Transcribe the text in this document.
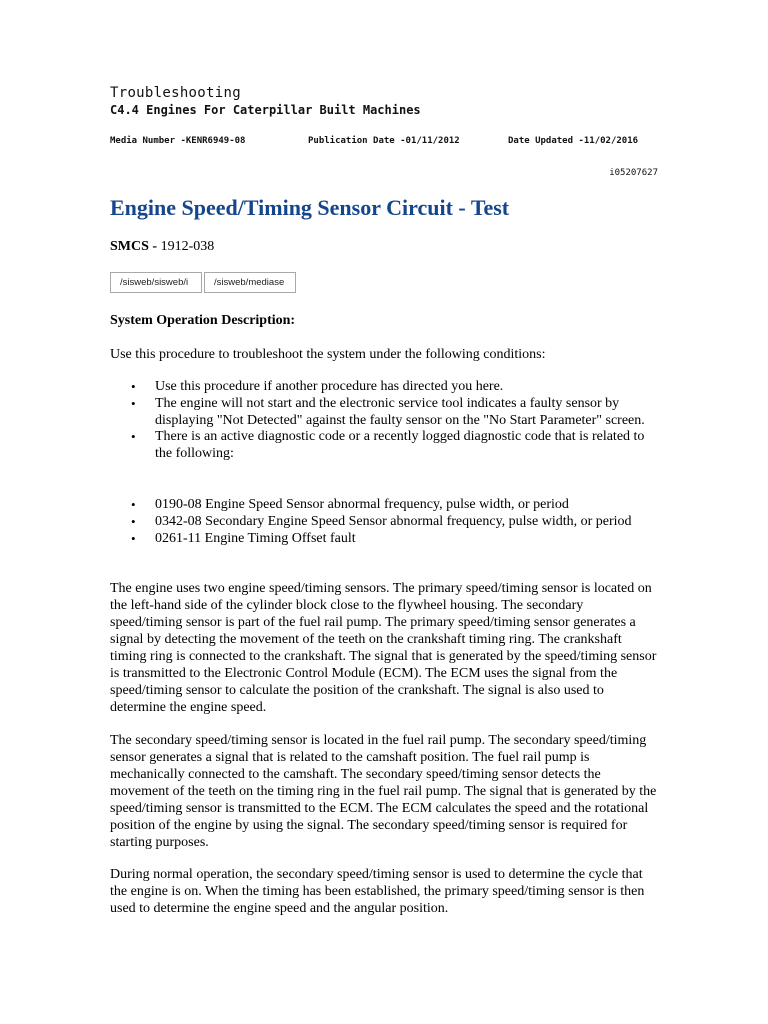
Troubleshooting
C4.4 Engines For Caterpillar Built Machines
Media Number -KENR6949-08	Publication Date -01/11/2012	Date Updated -11/02/2016
i05207627
Engine Speed/Timing Sensor Circuit - Test
SMCS - 1912-038
/sisweb/sisweb/i	/sisweb/mediase
System Operation Description:

Use this procedure to troubleshoot the system under the following conditions:

• Use this procedure if another procedure has directed you here.
• The engine will not start and the electronic service tool indicates a faulty sensor by displaying "Not Detected" against the faulty sensor on the "No Start Parameter" screen.
• There is an active diagnostic code or a recently logged diagnostic code that is related to the following:
• 0190-08 Engine Speed Sensor abnormal frequency, pulse width, or period
• 0342-08 Secondary Engine Speed Sensor abnormal frequency, pulse width, or period
• 0261-11 Engine Timing Offset fault

The engine uses two engine speed/timing sensors. The primary speed/timing sensor is located on the left-hand side of the cylinder block close to the flywheel housing. The secondary speed/timing sensor is part of the fuel rail pump. The primary speed/timing sensor generates a signal by detecting the movement of the teeth on the crankshaft timing ring. The crankshaft timing ring is connected to the crankshaft. The signal that is generated by the speed/timing sensor is transmitted to the Electronic Control Module (ECM). The ECM uses the signal from the speed/timing sensor to calculate the position of the crankshaft. The signal is also used to determine the engine speed.

The secondary speed/timing sensor is located in the fuel rail pump. The secondary speed/timing sensor generates a signal that is related to the camshaft position. The fuel rail pump is mechanically connected to the camshaft. The secondary speed/timing sensor detects the movement of the teeth on the timing ring in the fuel rail pump. The signal that is generated by the speed/timing sensor is transmitted to the ECM. The ECM calculates the speed and the rotational position of the engine by using the signal. The secondary speed/timing sensor is required for starting purposes.

During normal operation, the secondary speed/timing sensor is used to determine the cycle that the engine is on. When the timing has been established, the primary speed/timing sensor is then used to determine the engine speed and the angular position.
